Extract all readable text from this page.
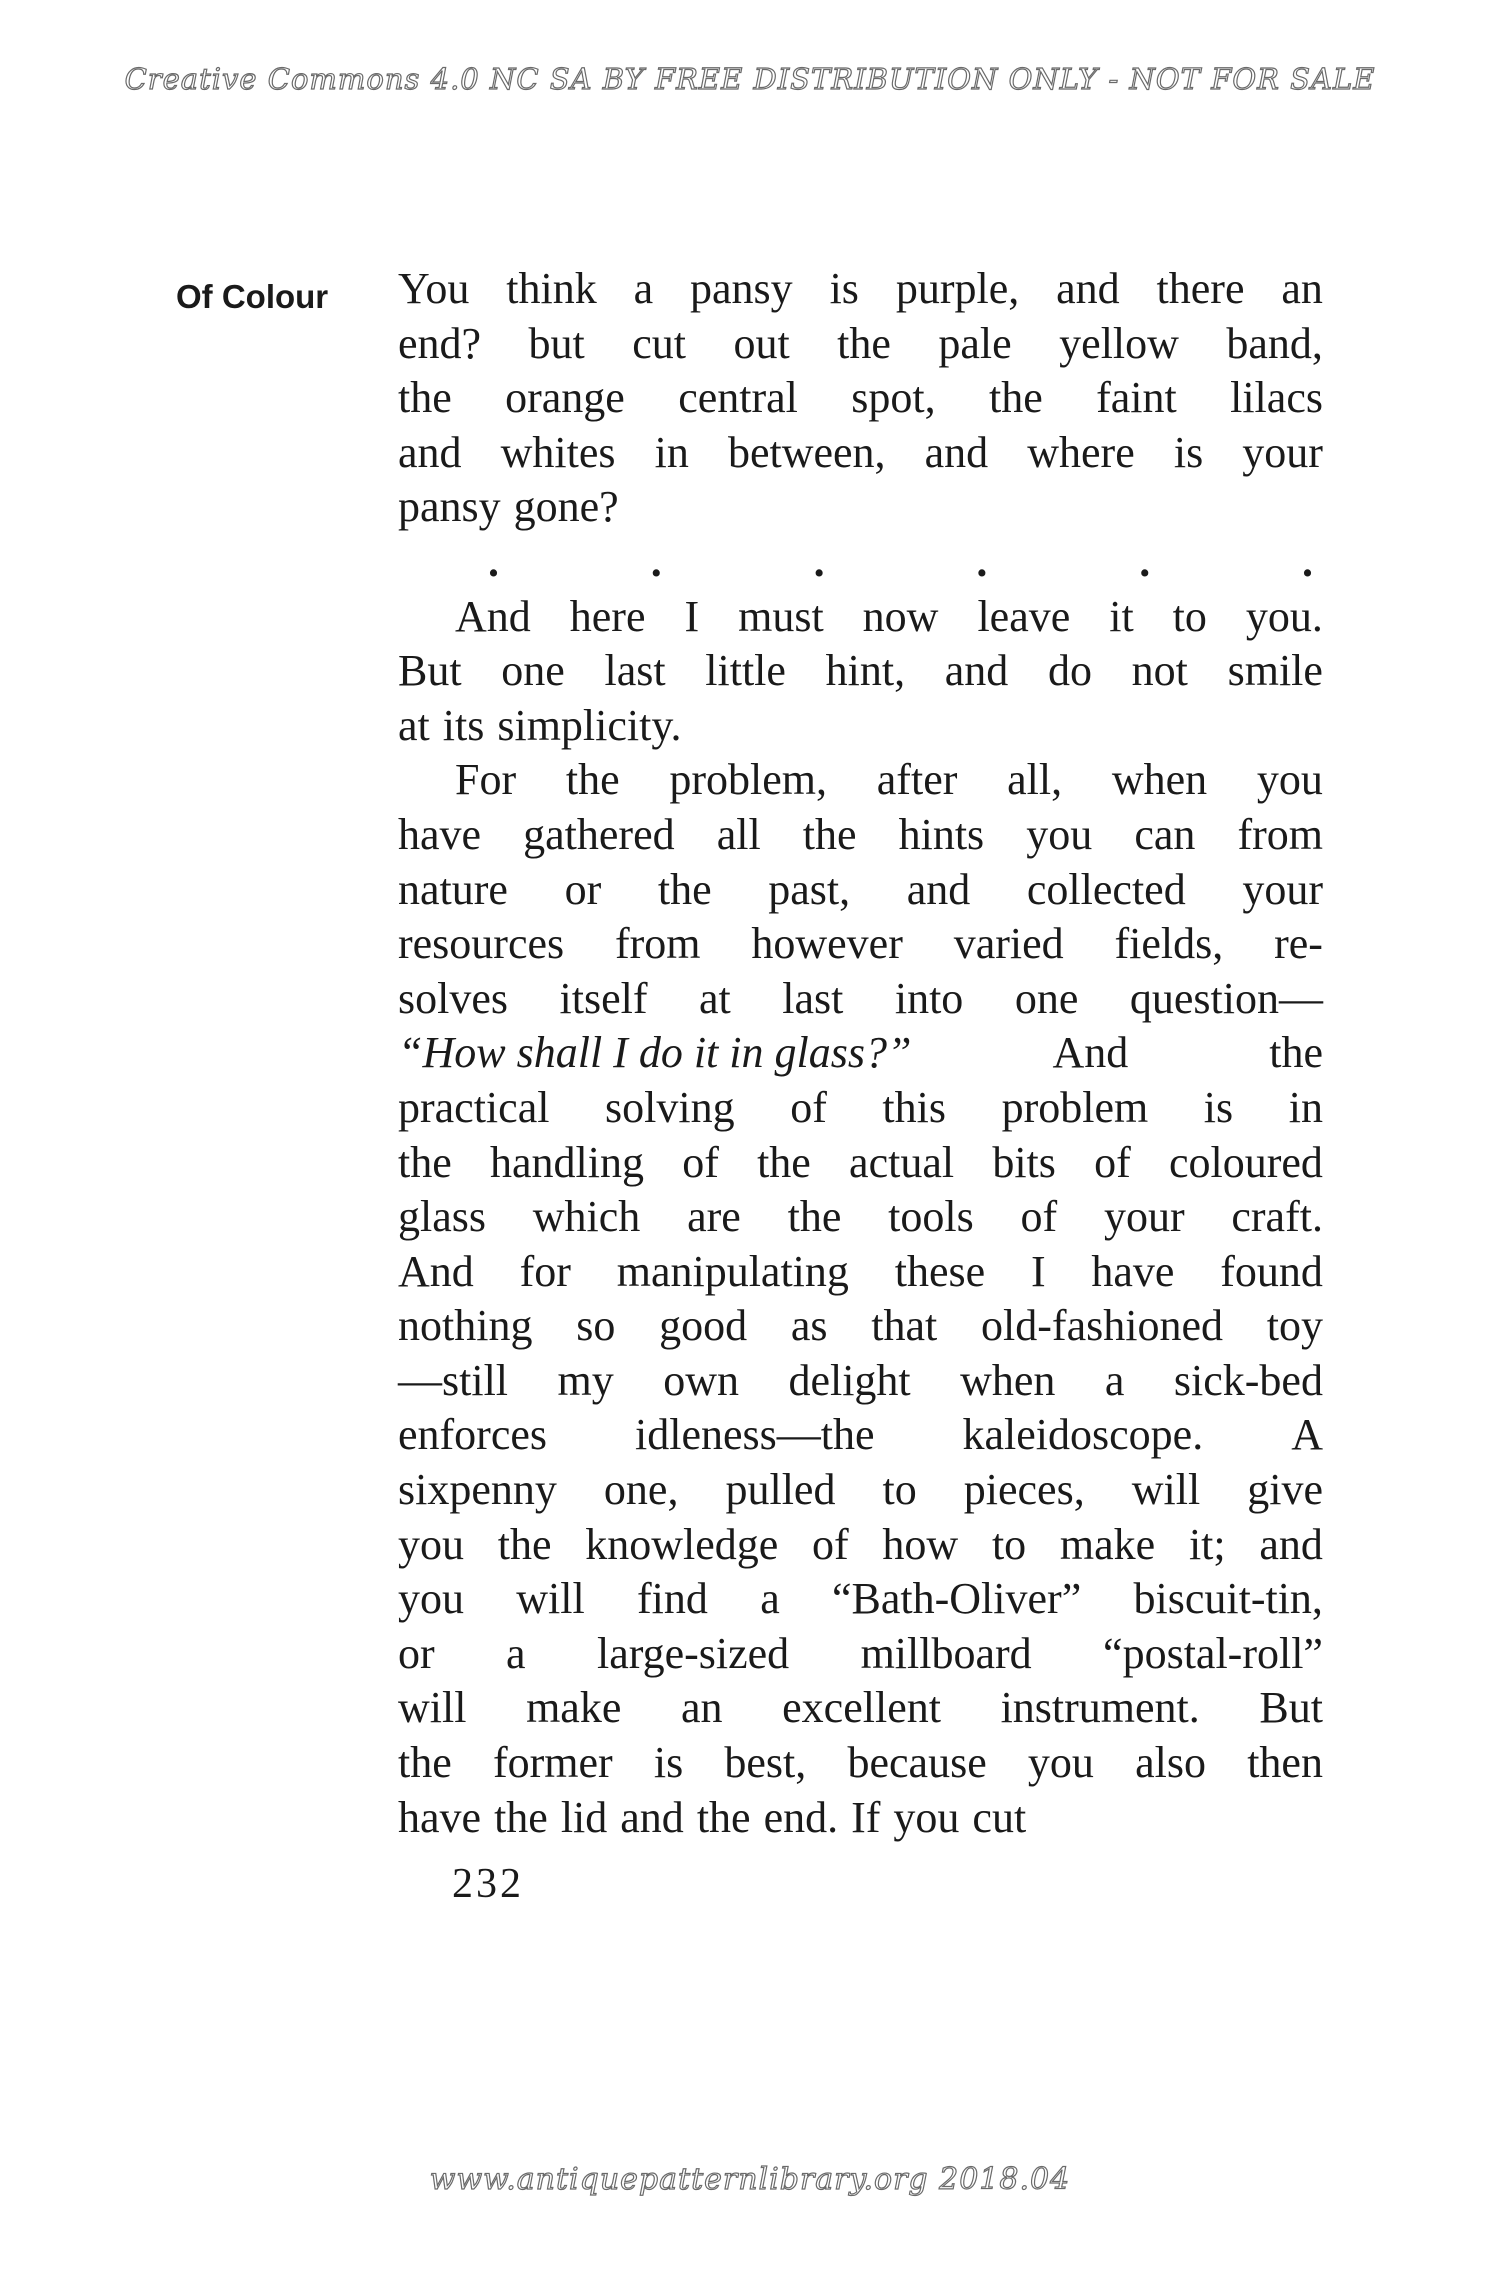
Creative Commons 4.0 NC SA BY FREE DISTRIBUTION ONLY - NOT FOR SALE
Of Colour You think a pansy is purple, and there an
end? but cut out the pale yellow band,
the orange central spot, the faint lilacs
and whites in between, and where is your
pansy gone?
.	.	.	.	.	.
And here I must now leave it to you.
But one last little hint, and do not smile
at its simplicity.
For the problem, after all, when you
have gathered all the hints you can from
nature or the past, and collected your
resources from however varied fields, re-
solves itself at last into one question—
“How shall I do it in glass?”	And	the
practical solving of this problem is in
the handling of the actual bits of coloured
glass which are the tools of your craft.
And for manipulating these I have found
nothing so good as that old-fashioned toy
—still my own delight when a sick-bed
enforces idleness—the kaleidoscope. A
sixpenny one, pulled to pieces, will give
you the knowledge of how to make it; and
you will find a “Bath-Oliver” biscuit-tin,
or a large-sized millboard “postal-roll”
will make an excellent instrument. But
the former is best, because you also then
have the lid and the end. If you cut
232
www.antiquepatternlibrary.org 2018.04
